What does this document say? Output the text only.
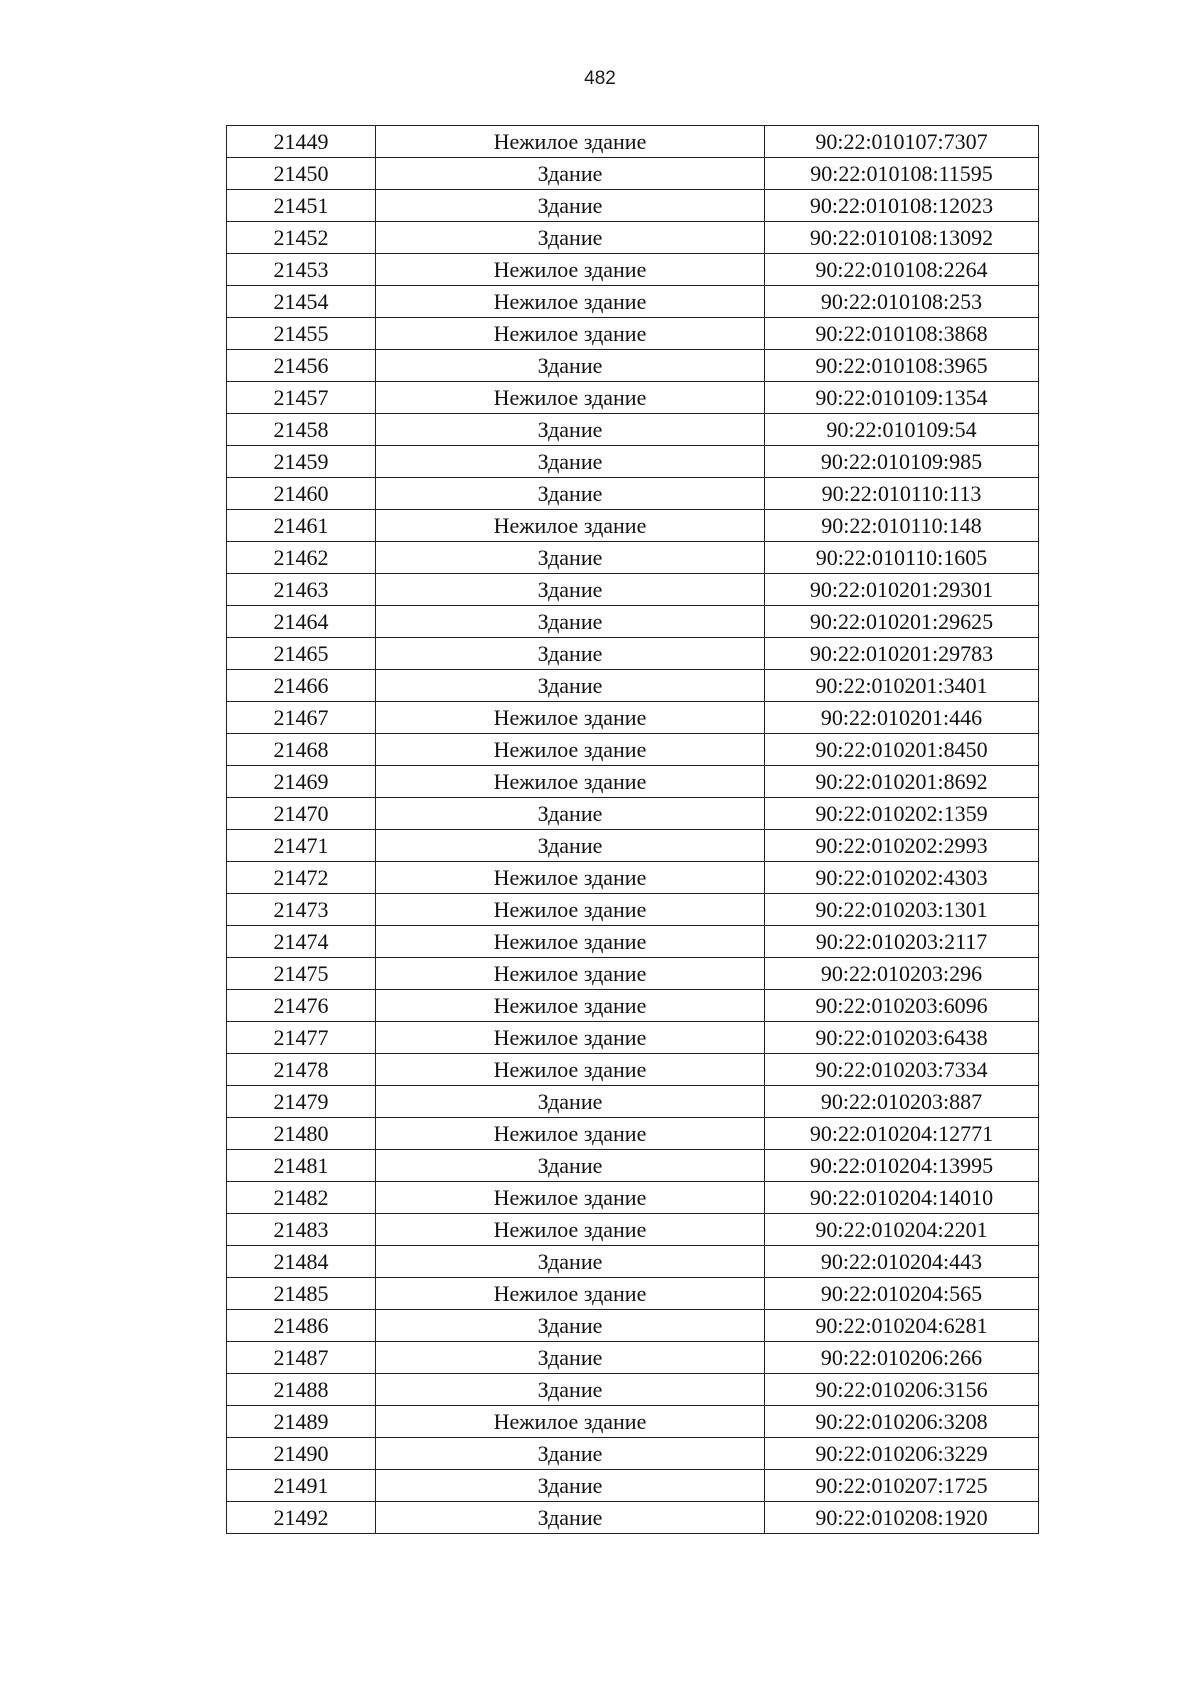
482
21449	Нежилое здание	90:22:010107:7307
21450	Здание	90:22:010108:11595
21451	Здание	90:22:010108:12023
21452	Здание	90:22:010108:13092
21453	Нежилое здание	90:22:010108:2264
21454	Нежилое здание	90:22:010108:253
21455	Нежилое здание	90:22:010108:3868
21456	Здание	90:22:010108:3965
21457	Нежилое здание	90:22:010109:1354
21458	Здание	90:22:010109:54
21459	Здание	90:22:010109:985
21460	Здание	90:22:010110:113
21461	Нежилое здание	90:22:010110:148
21462	Здание	90:22:010110:1605
21463	Здание	90:22:010201:29301
21464	Здание	90:22:010201:29625
21465	Здание	90:22:010201:29783
21466	Здание	90:22:010201:3401
21467	Нежилое здание	90:22:010201:446
21468	Нежилое здание	90:22:010201:8450
21469	Нежилое здание	90:22:010201:8692
21470	Здание	90:22:010202:1359
21471	Здание	90:22:010202:2993
21472	Нежилое здание	90:22:010202:4303
21473	Нежилое здание	90:22:010203:1301
21474	Нежилое здание	90:22:010203:2117
21475	Нежилое здание	90:22:010203:296
21476	Нежилое здание	90:22:010203:6096
21477	Нежилое здание	90:22:010203:6438
21478	Нежилое здание	90:22:010203:7334
21479	Здание	90:22:010203:887
21480	Нежилое здание	90:22:010204:12771
21481	Здание	90:22:010204:13995
21482	Нежилое здание	90:22:010204:14010
21483	Нежилое здание	90:22:010204:2201
21484	Здание	90:22:010204:443
21485	Нежилое здание	90:22:010204:565
21486	Здание	90:22:010204:6281
21487	Здание	90:22:010206:266
21488	Здание	90:22:010206:3156
21489	Нежилое здание	90:22:010206:3208
21490	Здание	90:22:010206:3229
21491	Здание	90:22:010207:1725
21492	Здание	90:22:010208:1920
